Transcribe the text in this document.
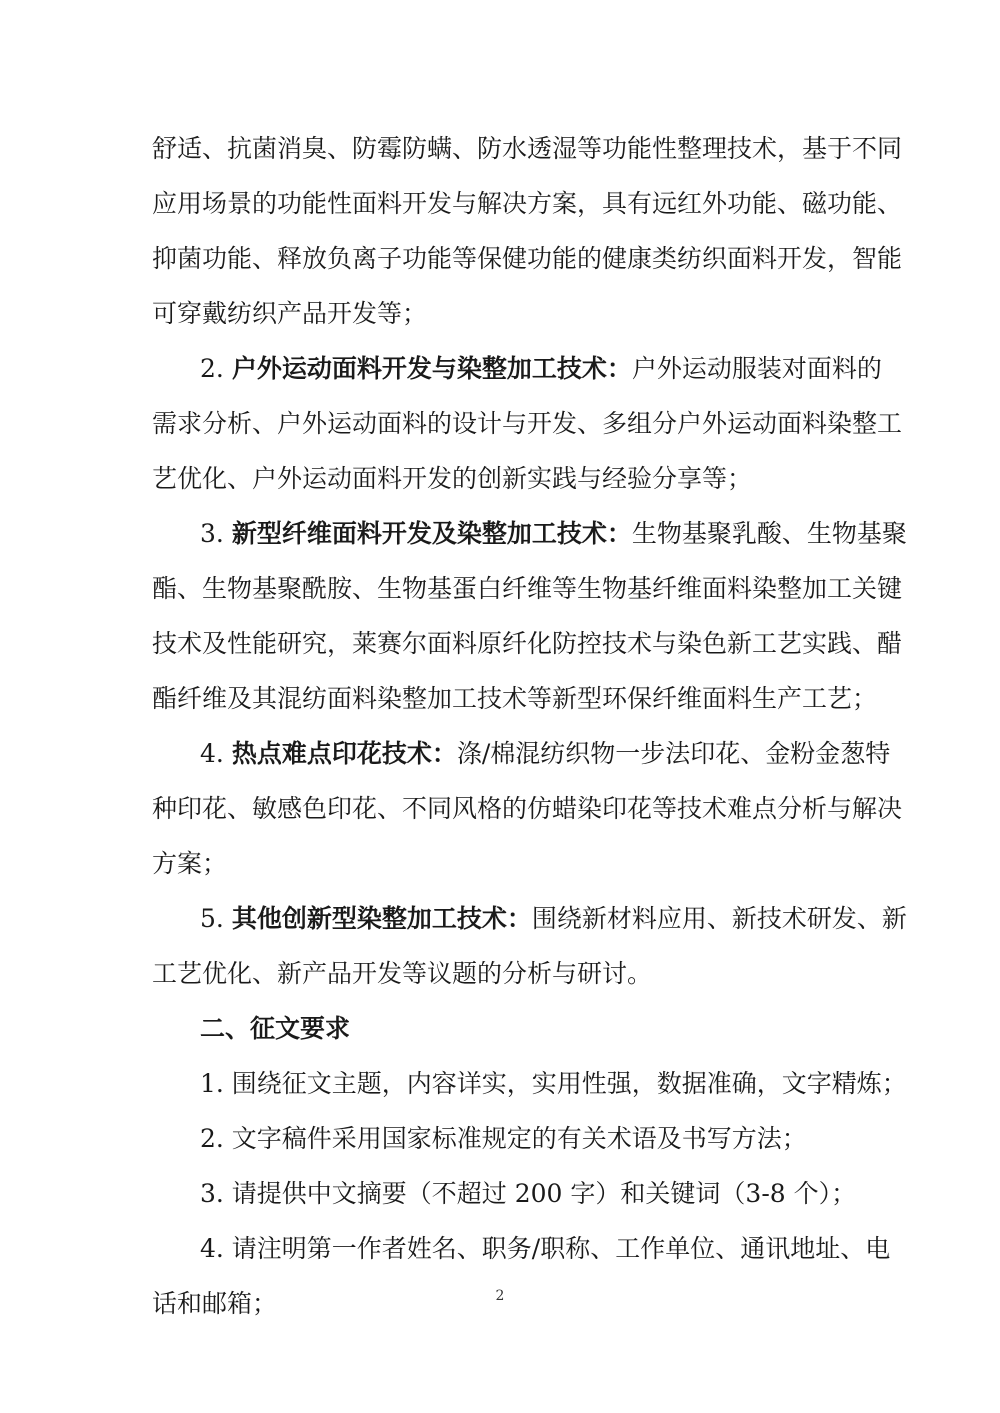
舒适、抗菌消臭、防霉防螨、防水透湿等功能性整理技术，基于不同
应用场景的功能性面料开发与解决方案，具有远红外功能、磁功能、
抑菌功能、释放负离子功能等保健功能的健康类纺织面料开发，智能
可穿戴纺织产品开发等；
2. 户外运动面料开发与染整加工技术：户外运动服装对面料的
需求分析、户外运动面料的设计与开发、多组分户外运动面料染整工
艺优化、户外运动面料开发的创新实践与经验分享等；
3. 新型纤维面料开发及染整加工技术：生物基聚乳酸、生物基聚
酯、生物基聚酰胺、生物基蛋白纤维等生物基纤维面料染整加工关键
技术及性能研究，莱赛尔面料原纤化防控技术与染色新工艺实践、醋
酯纤维及其混纺面料染整加工技术等新型环保纤维面料生产工艺；
4. 热点难点印花技术：涤/棉混纺织物一步法印花、金粉金葱特
种印花、敏感色印花、不同风格的仿蜡染印花等技术难点分析与解决
方案；
5. 其他创新型染整加工技术：围绕新材料应用、新技术研发、新
工艺优化、新产品开发等议题的分析与研讨。
二、征文要求
1. 围绕征文主题，内容详实，实用性强，数据准确，文字精炼；
2. 文字稿件采用国家标准规定的有关术语及书写方法；
3. 请提供中文摘要（不超过 200 字）和关键词（3-8 个）；
4. 请注明第一作者姓名、职务/职称、工作单位、通讯地址、电
话和邮箱；	2
